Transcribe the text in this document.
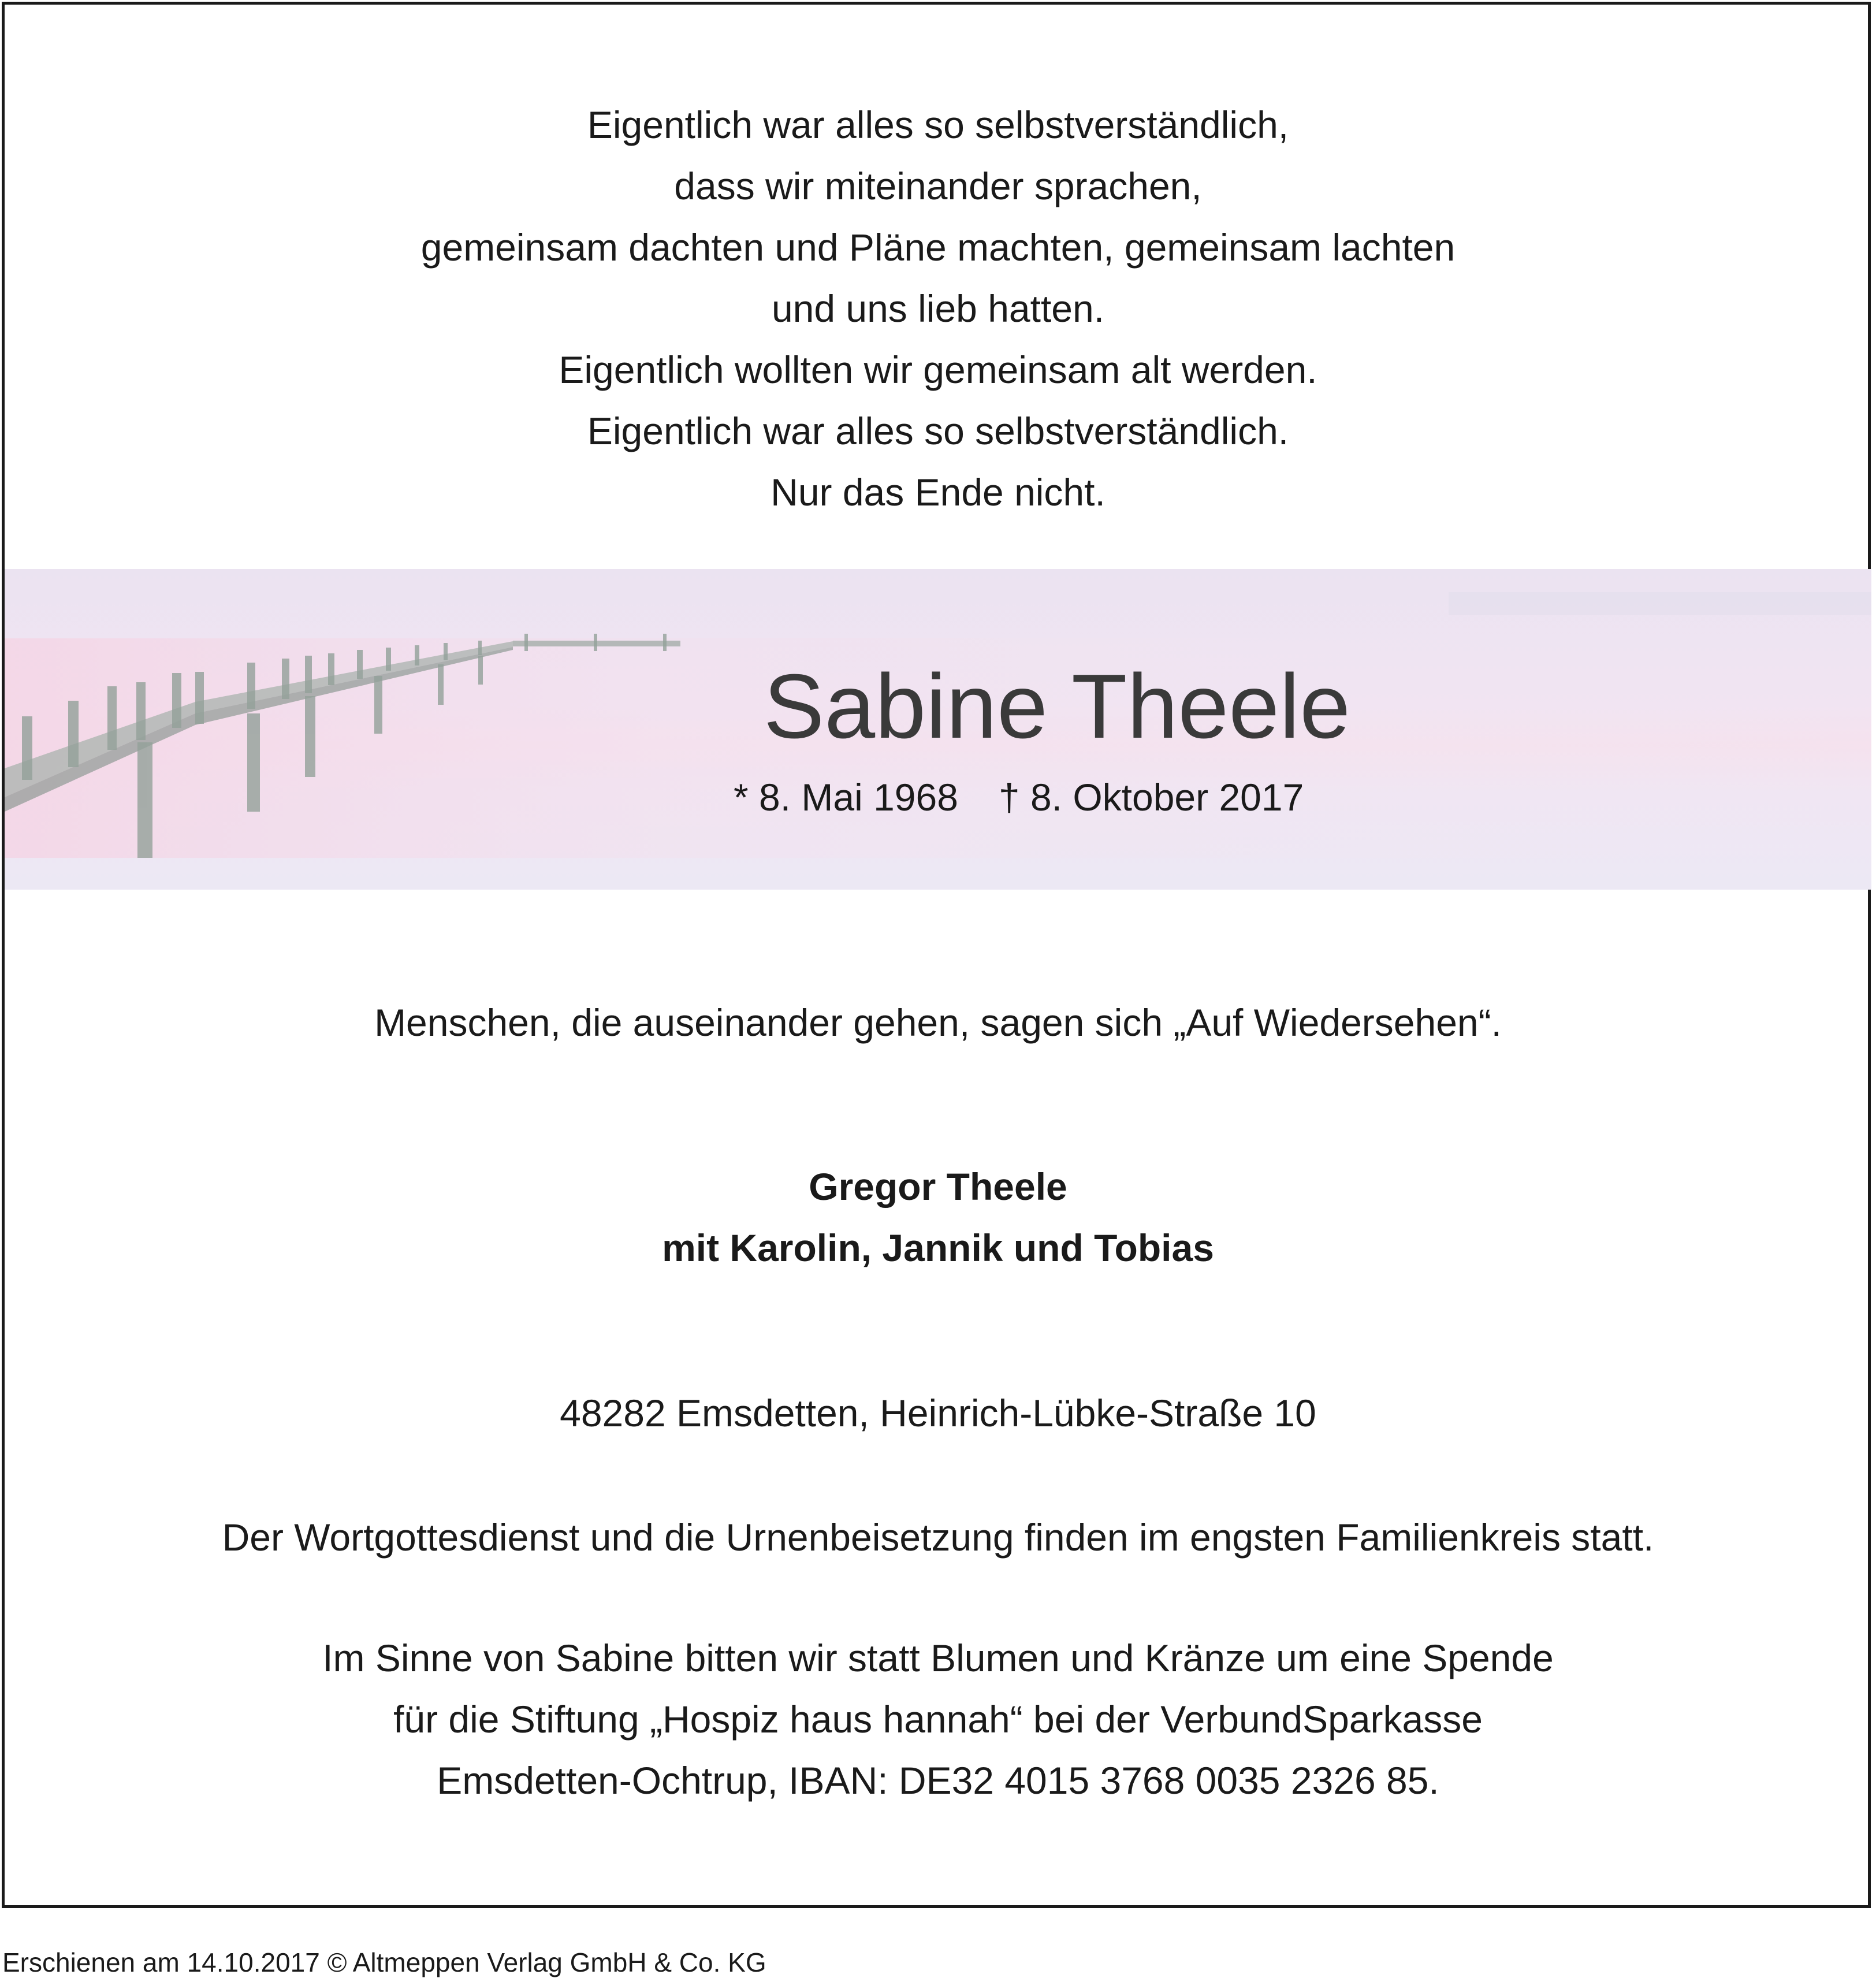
Eigentlich war alles so selbstverständlich,
dass wir miteinander sprachen,
gemeinsam dachten und Pläne machten, gemeinsam lachten
und uns lieb hatten.
Eigentlich wollten wir gemeinsam alt werden.
Eigentlich war alles so selbstverständlich.
Nur das Ende nicht.
Sabine Theele
* 8. Mai 1968 † 8. Oktober 2017
Menschen, die auseinander gehen, sagen sich „Auf Wiedersehen“.
Gregor Theele
mit Karolin, Jannik und Tobias
48282 Emsdetten, Heinrich-Lübke-Straße 10
Der Wortgottesdienst und die Urnenbeisetzung finden im engsten Familienkreis statt.
Im Sinne von Sabine bitten wir statt Blumen und Kränze um eine Spende
für die Stiftung „Hospiz haus hannah“ bei der VerbundSparkasse
Emsdetten-Ochtrup, IBAN: DE32 4015 3768 0035 2326 85.
Erschienen am 14.10.2017 © Altmeppen Verlag GmbH & Co. KG
